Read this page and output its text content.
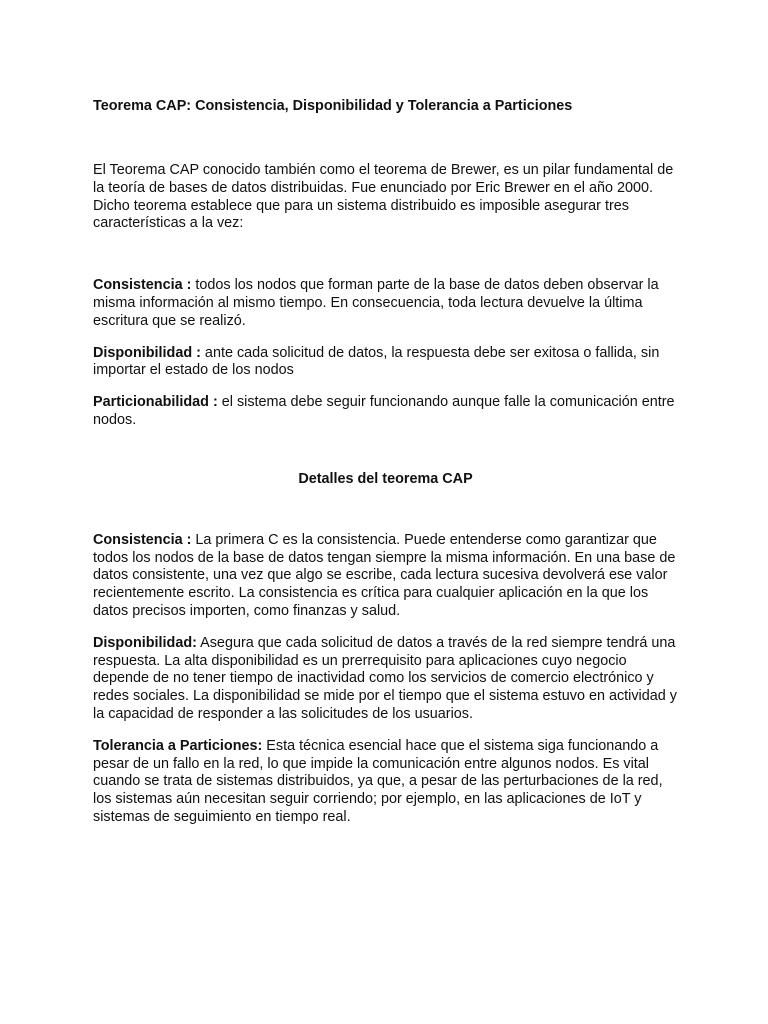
Teorema CAP: Consistencia, Disponibilidad y Tolerancia a Particiones

El Teorema CAP conocido también como el teorema de Brewer, es un pilar fundamental de la teoría de bases de datos distribuidas. Fue enunciado por Eric Brewer en el año 2000. Dicho teorema establece que para un sistema distribuido es imposible asegurar tres características a la vez:

Consistencia : todos los nodos que forman parte de la base de datos deben observar la misma información al mismo tiempo. En consecuencia, toda lectura devuelve la última escritura que se realizó.

Disponibilidad : ante cada solicitud de datos, la respuesta debe ser exitosa o fallida, sin importar el estado de los nodos

Particionabilidad : el sistema debe seguir funcionando aunque falle la comunicación entre nodos.

Detalles del teorema CAP

Consistencia : La primera C es la consistencia. Puede entenderse como garantizar que todos los nodos de la base de datos tengan siempre la misma información. En una base de datos consistente, una vez que algo se escribe, cada lectura sucesiva devolverá ese valor recientemente escrito. La consistencia es crítica para cualquier aplicación en la que los datos precisos importen, como finanzas y salud.

Disponibilidad: Asegura que cada solicitud de datos a través de la red siempre tendrá una respuesta. La alta disponibilidad es un prerrequisito para aplicaciones cuyo negocio depende de no tener tiempo de inactividad como los servicios de comercio electrónico y redes sociales. La disponibilidad se mide por el tiempo que el sistema estuvo en actividad y la capacidad de responder a las solicitudes de los usuarios.

Tolerancia a Particiones: Esta técnica esencial hace que el sistema siga funcionando a pesar de un fallo en la red, lo que impide la comunicación entre algunos nodos. Es vital cuando se trata de sistemas distribuidos, ya que, a pesar de las perturbaciones de la red, los sistemas aún necesitan seguir corriendo; por ejemplo, en las aplicaciones de IoT y sistemas de seguimiento en tiempo real.
